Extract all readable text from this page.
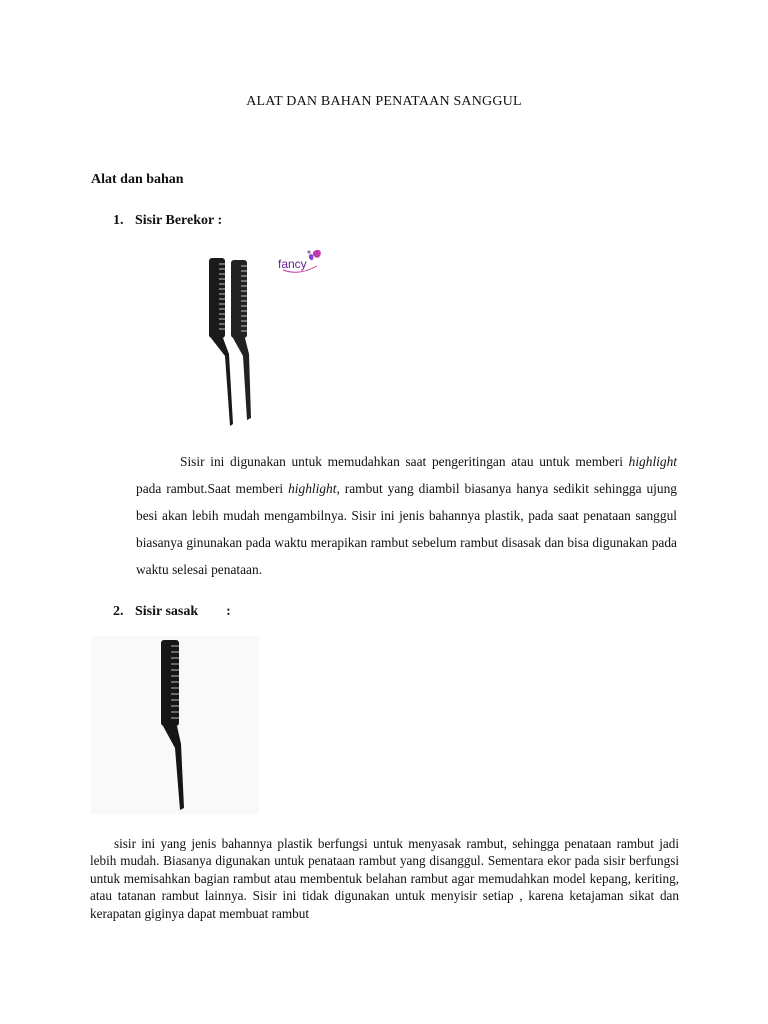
ALAT DAN BAHAN PENATAAN SANGGUL
Alat dan bahan
1. Sisir Berekor :
fancy
Sisir ini digunakan untuk memudahkan saat pengeritingan atau untuk memberi highlight pada rambut.Saat memberi highlight, rambut yang diambil biasanya hanya sedikit sehingga ujung besi akan lebih mudah mengambilnya. Sisir ini jenis bahannya plastik, pada saat penataan sanggul biasanya ginunakan pada waktu merapikan rambut sebelum rambut disasak dan bisa digunakan pada waktu selesai penataan.
2. Sisir sasak :
sisir ini yang jenis bahannya plastik berfungsi untuk menyasak rambut, sehingga penataan rambut jadi lebih mudah. Biasanya digunakan untuk penataan rambut yang disanggul. Sementara ekor pada sisir berfungsi untuk memisahkan bagian rambut atau membentuk belahan rambut agar memudahkan model kepang, keriting, atau tatanan rambut lainnya. Sisir ini tidak digunakan untuk menyisir setiap , karena ketajaman sikat dan kerapatan giginya dapat membuat rambut
